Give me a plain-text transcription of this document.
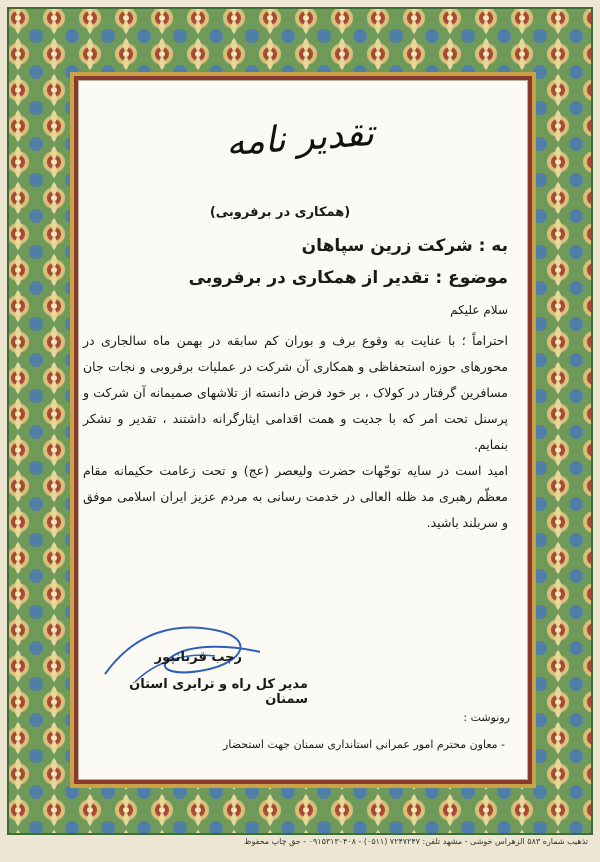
تقدیر نامه
(همکاری در برفروبی)
به : شرکت زرین سپاهان
موضوع : تقدیر از همکاری در برفروبی
سلام علیکم

احتراماً ؛ با عنایت به وقوع برف و بوران کم سابقه در بهمن ماه سالجاری در محورهای حوزه استحفاظی و همکاری آن شرکت در عملیات برفروبی و نجات جان مسافرین گرفتار در کولاک ، بر خود فرض دانسته از تلاشهای صمیمانه آن شرکت و پرسنل تحت امر که با جدیت و همت اقدامی ایثارگرانه داشتند ، تقدیر و تشکر بنمایم.

امید است در سایه توجّهات حضرت ولیعصر (عج) و تحت زعامت حکیمانه مقام معظّم رهبری مد ظله العالی در خدمت رسانی به مردم عزیز ایران اسلامی موفق و سربلند باشید.

رجب قربانپور
مدیر کل راه و ترابری استان سمنان
رونوشت :
- معاون محترم امور عمرانی استانداری سمنان جهت استحضار
تذهیب شماره ۵۸۳ الزهراس خوشی - مشهد تلفن: ۷۲۴۷۲۴۷ (۰۵۱۱) - ۰۹۱۵۳۱۳۰۴۰۸ - حق چاپ محفوظ
